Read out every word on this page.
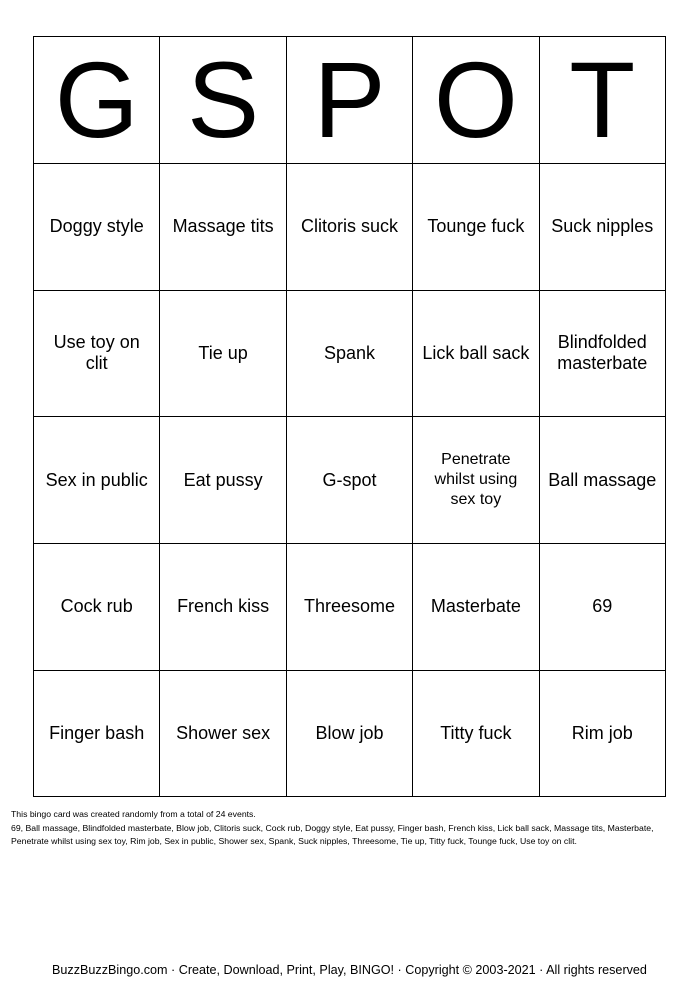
G	S	P	O	T
Doggy style	Massage tits	Clitoris suck	Tounge fuck	Suck nipples
Use toy on clit	Tie up	Spank	Lick ball sack	Blindfolded masterbate
Sex in public	Eat pussy	G-spot	Penetrate whilst using sex toy	Ball massage
Cock rub	French kiss	Threesome	Masterbate	69
Finger bash	Shower sex	Blow job	Titty fuck	Rim job
This bingo card was created randomly from a total of 24 events.
69, Ball massage, Blindfolded masterbate, Blow job, Clitoris suck, Cock rub, Doggy style, Eat pussy, Finger bash, French kiss, Lick ball sack, Massage tits, Masterbate, Penetrate whilst using sex toy, Rim job, Sex in public, Shower sex, Spank, Suck nipples, Threesome, Tie up, Titty fuck, Tounge fuck, Use toy on clit.
BuzzBuzzBingo.com · Create, Download, Print, Play, BINGO! · Copyright © 2003-2021 · All rights reserved
